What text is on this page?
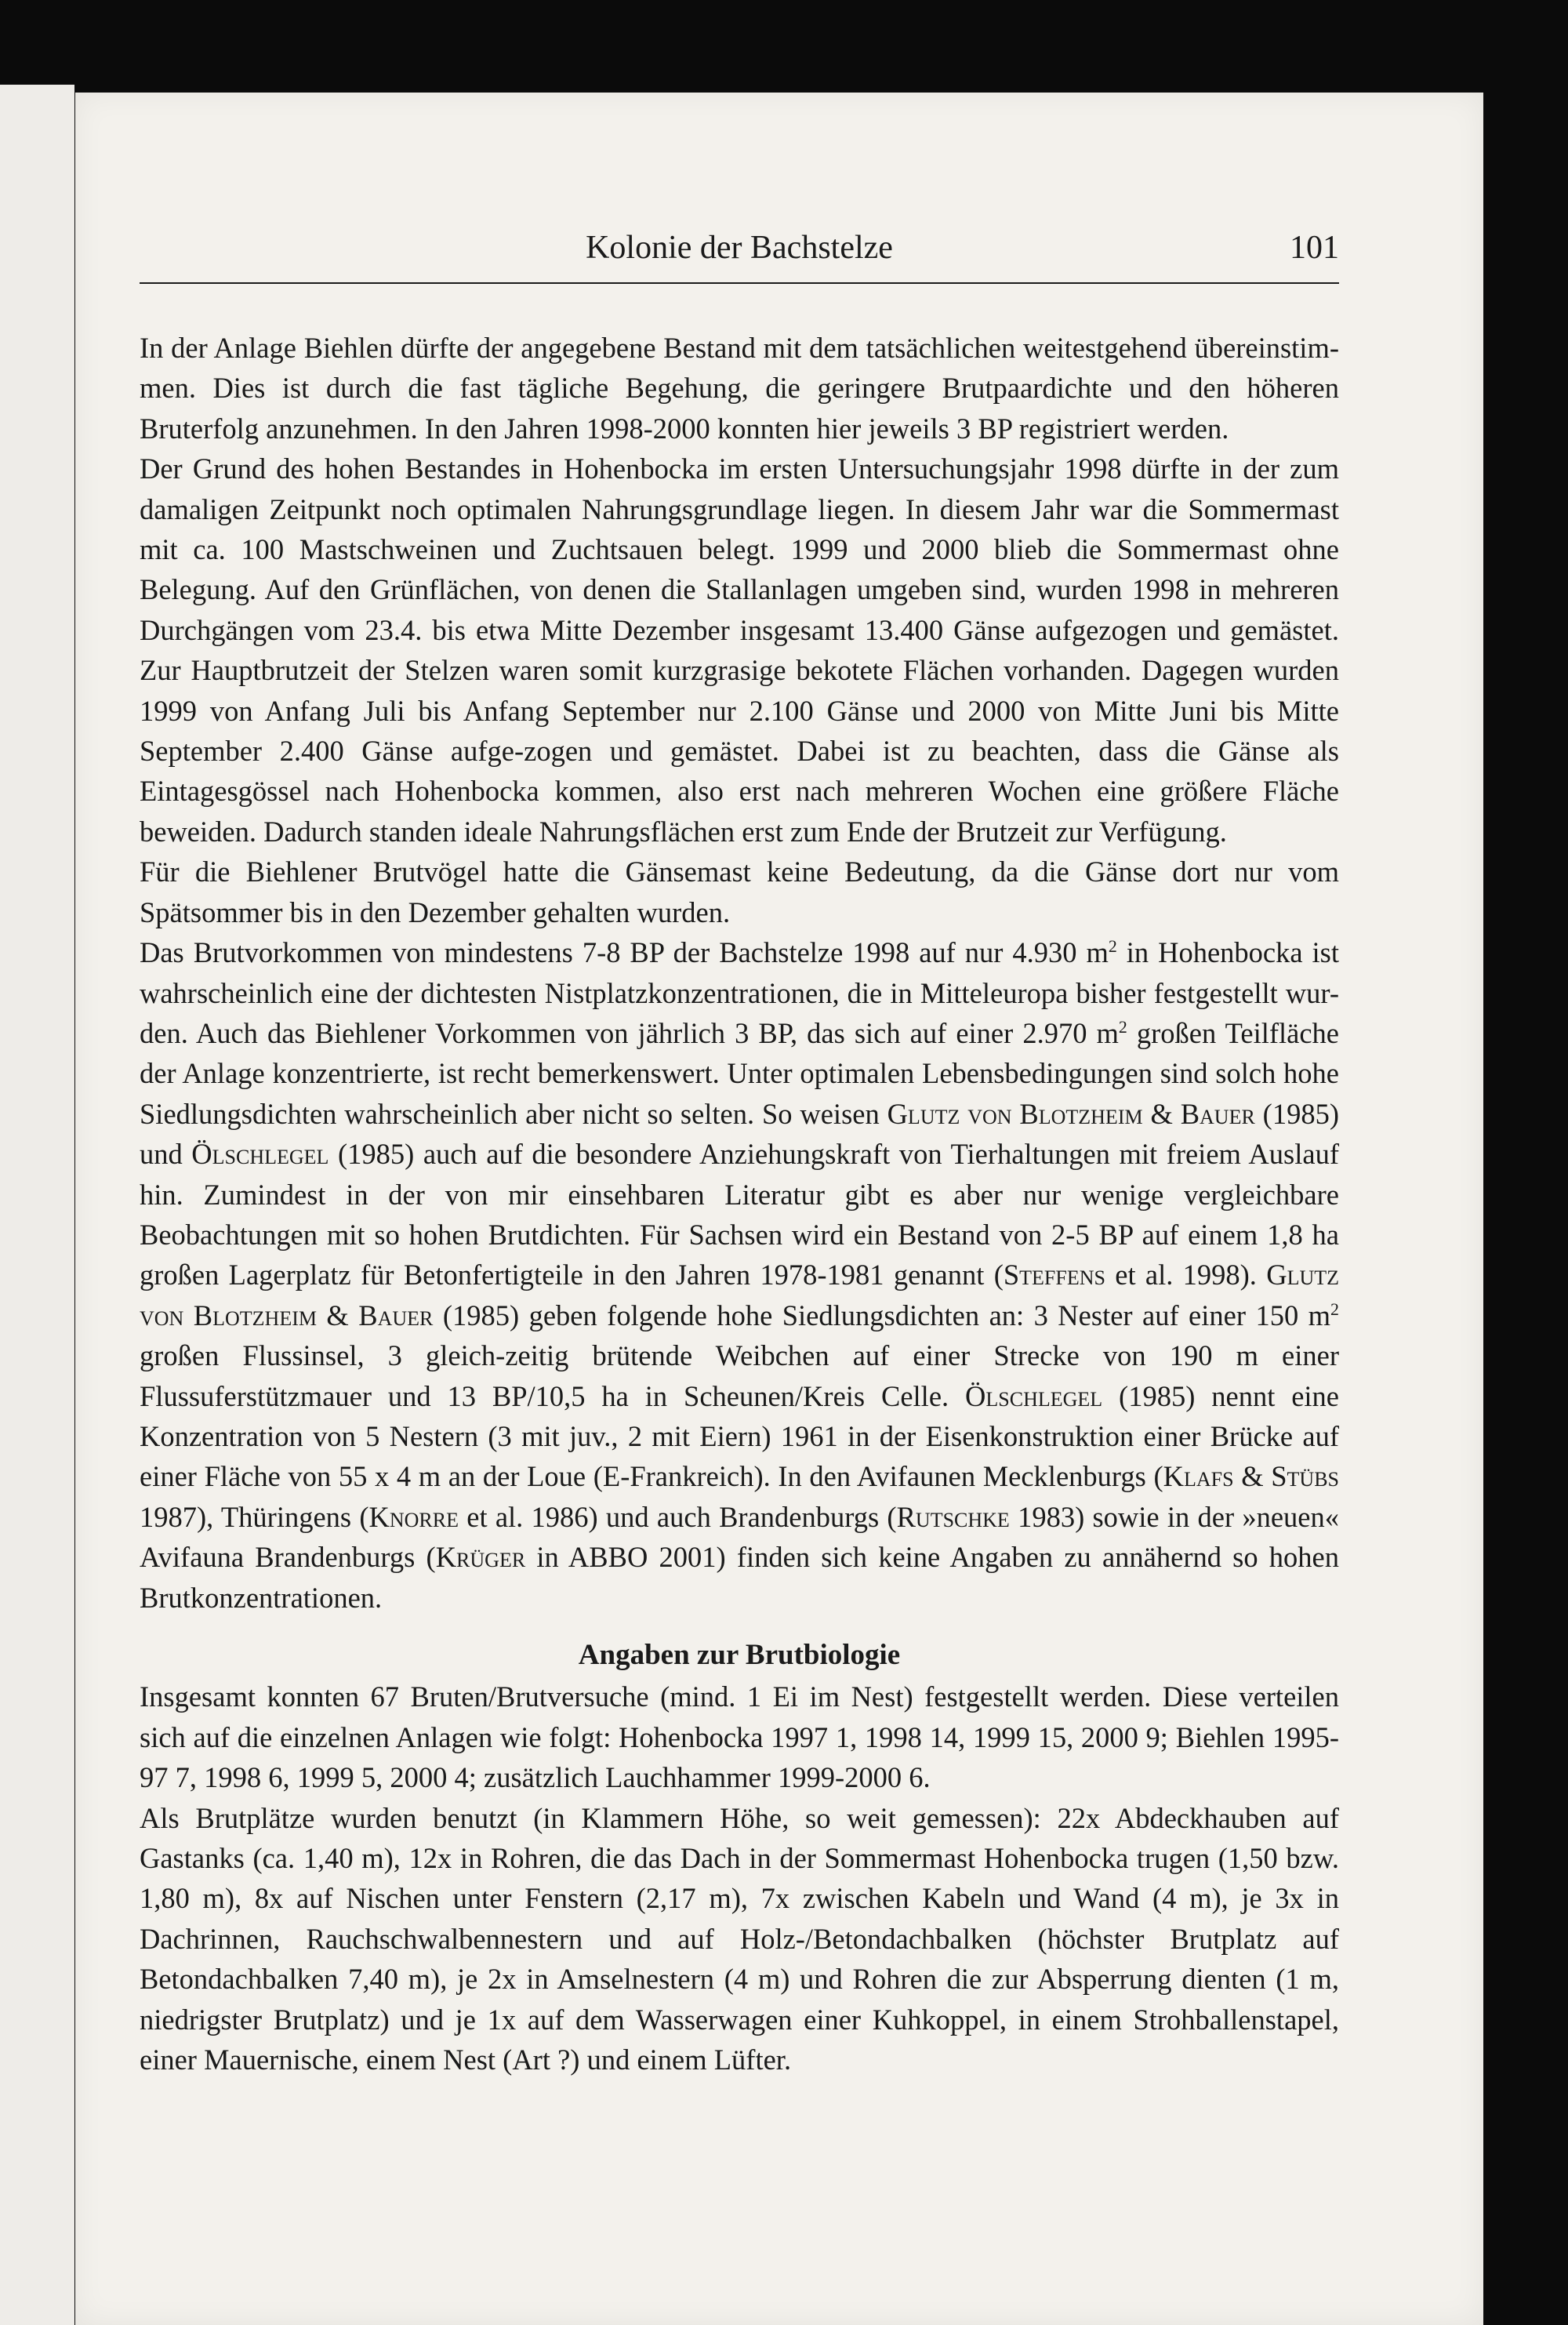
Kolonie der Bachstelze	101

In der Anlage Biehlen dürfte der angegebene Bestand mit dem tatsächlichen weitestgehend übereinstim-men. Dies ist durch die fast tägliche Begehung, die geringere Brutpaardichte und den höheren Bruterfolg anzunehmen. In den Jahren 1998-2000 konnten hier jeweils 3 BP registriert werden.

Der Grund des hohen Bestandes in Hohenbocka im ersten Untersuchungsjahr 1998 dürfte in der zum damaligen Zeitpunkt noch optimalen Nahrungsgrundlage liegen. In diesem Jahr war die Sommermast mit ca. 100 Mastschweinen und Zuchtsauen belegt. 1999 und 2000 blieb die Sommermast ohne Belegung. Auf den Grünflächen, von denen die Stallanlagen umgeben sind, wurden 1998 in mehreren Durchgängen vom 23.4. bis etwa Mitte Dezember insgesamt 13.400 Gänse aufgezogen und gemästet. Zur Hauptbrutzeit der Stelzen waren somit kurzgrasige bekotete Flächen vorhanden. Dagegen wurden 1999 von Anfang Juli bis Anfang September nur 2.100 Gänse und 2000 von Mitte Juni bis Mitte September 2.400 Gänse aufge-zogen und gemästet. Dabei ist zu beachten, dass die Gänse als Eintagesgössel nach Hohenbocka kommen, also erst nach mehreren Wochen eine größere Fläche beweiden. Dadurch standen ideale Nahrungsflächen erst zum Ende der Brutzeit zur Verfügung.

Für die Biehlener Brutvögel hatte die Gänsemast keine Bedeutung, da die Gänse dort nur vom Spätsommer bis in den Dezember gehalten wurden.

Das Brutvorkommen von mindestens 7-8 BP der Bachstelze 1998 auf nur 4.930 $m^2$ in Hohenbocka ist wahrscheinlich eine der dichtesten Nistplatzkonzentrationen, die in Mitteleuropa bisher festgestellt wur-den. Auch das Biehlener Vorkommen von jährlich 3 BP, das sich auf einer 2.970 $m^2$ großen Teilfläche der Anlage konzentrierte, ist recht bemerkenswert. Unter optimalen Lebensbedingungen sind solch hohe Siedlungsdichten wahrscheinlich aber nicht so selten. So weisen Glutz von Blotzheim & Bauer (1985) und Ölschlegel (1985) auch auf die besondere Anziehungskraft von Tierhaltungen mit freiem Auslauf hin. Zumindest in der von mir einsehbaren Literatur gibt es aber nur wenige vergleichbare Beobachtungen mit so hohen Brutdichten. Für Sachsen wird ein Bestand von 2-5 BP auf einem 1,8 ha großen Lagerplatz für Betonfertigteile in den Jahren 1978-1981 genannt (Steffens et al. 1998). Glutz von Blotzheim & Bauer (1985) geben folgende hohe Siedlungsdichten an: 3 Nester auf einer 150 $m^2$ großen Flussinsel, 3 gleich-zeitig brütende Weibchen auf einer Strecke von 190 m einer Flussuferstützmauer und 13 BP/10,5 ha in Scheunen/Kreis Celle. Ölschlegel (1985) nennt eine Konzentration von 5 Nestern (3 mit juv., 2 mit Eiern) 1961 in der Eisenkonstruktion einer Brücke auf einer Fläche von 55 x 4 m an der Loue (E-Frankreich). In den Avifaunen Mecklenburgs (Klafs & Stübs 1987), Thüringens (Knorre et al. 1986) und auch Brandenburgs (Rutschke 1983) sowie in der »neuen« Avifauna Brandenburgs (Krüger in ABBO 2001) finden sich keine Angaben zu annähernd so hohen Brutkonzentrationen.

Angaben zur Brutbiologie

Insgesamt konnten 67 Bruten/Brutversuche (mind. 1 Ei im Nest) festgestellt werden. Diese verteilen sich auf die einzelnen Anlagen wie folgt: Hohenbocka 1997 1, 1998 14, 1999 15, 2000 9; Biehlen 1995-97 7, 1998 6, 1999 5, 2000 4; zusätzlich Lauchhammer 1999-2000 6.

Als Brutplätze wurden benutzt (in Klammern Höhe, so weit gemessen): 22x Abdeckhauben auf Gastanks (ca. 1,40 m), 12x in Rohren, die das Dach in der Sommermast Hohenbocka trugen (1,50 bzw. 1,80 m), 8x auf Nischen unter Fenstern (2,17 m), 7x zwischen Kabeln und Wand (4 m), je 3x in Dachrinnen, Rauchschwalbennestern und auf Holz-/Betondachbalken (höchster Brutplatz auf Betondachbalken 7,40 m), je 2x in Amselnestern (4 m) und Rohren die zur Absperrung dienten (1 m, niedrigster Brutplatz) und je 1x auf dem Wasserwagen einer Kuhkoppel, in einem Strohballenstapel, einer Mauernische, einem Nest (Art ?) und einem Lüfter.
